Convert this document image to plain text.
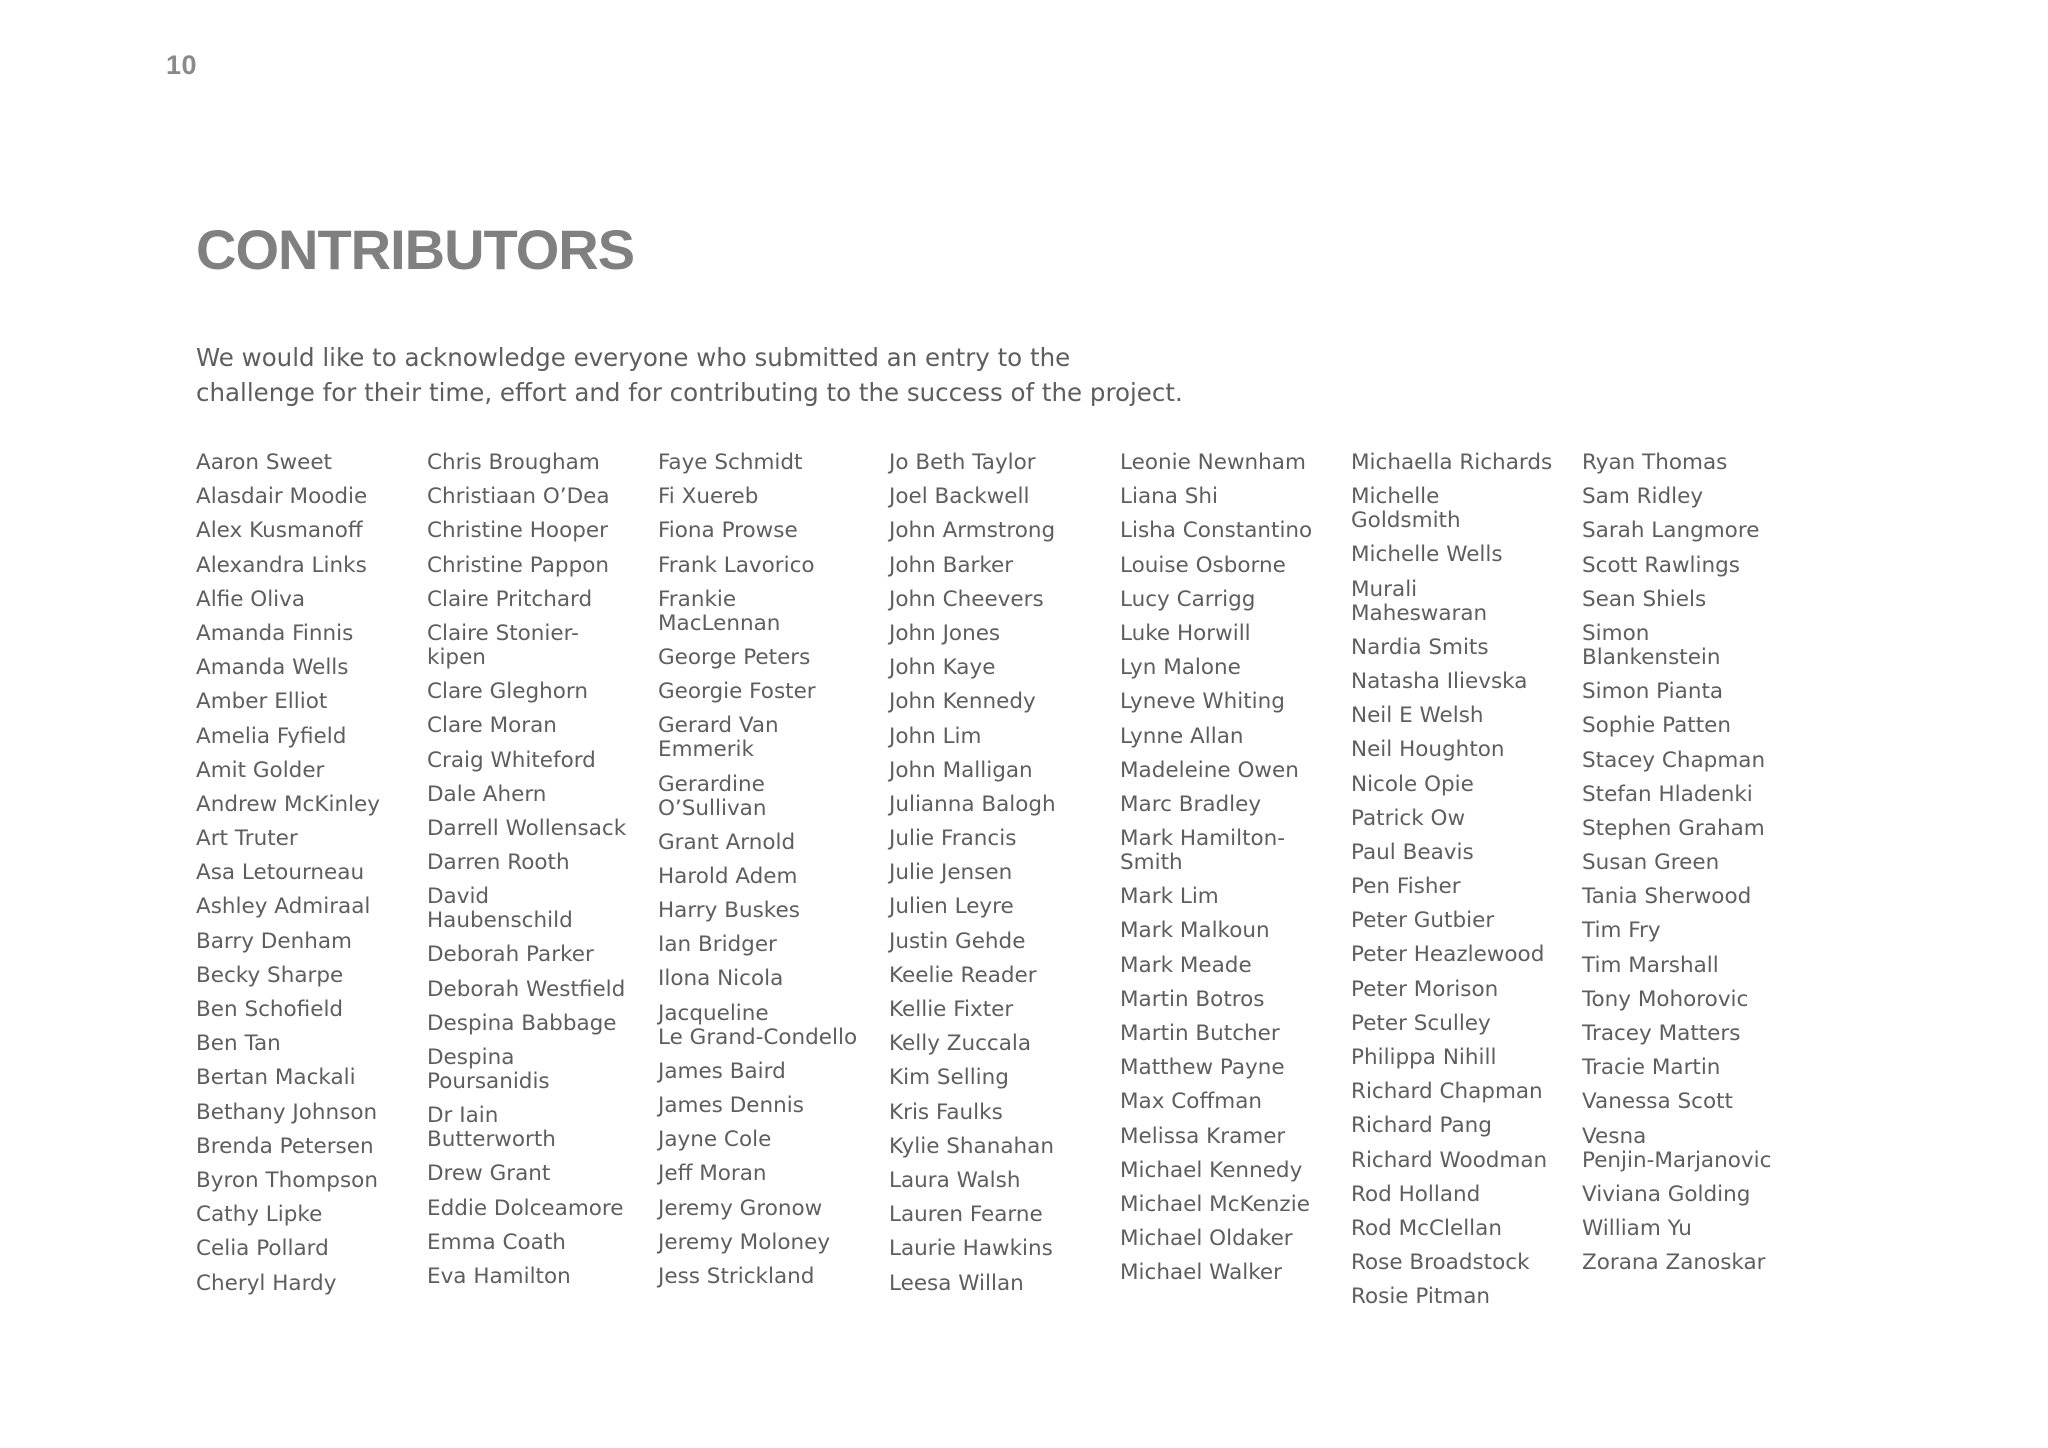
10
CONTRIBUTORS

We would like to acknowledge everyone who submitted an entry to the
challenge for their time, effort and for contributing to the success of the project.

Aaron Sweet
Alasdair Moodie
Alex Kusmanoff
Alexandra Links
Alfie Oliva
Amanda Finnis
Amanda Wells
Amber Elliot
Amelia Fyfield
Amit Golder
Andrew McKinley
Art Truter
Asa Letourneau
Ashley Admiraal
Barry Denham
Becky Sharpe
Ben Schofield
Ben Tan
Bertan Mackali
Bethany Johnson
Brenda Petersen
Byron Thompson
Cathy Lipke
Celia Pollard
Cheryl Hardy
Chris Brougham
Christiaan O’Dea
Christine Hooper
Christine Pappon
Claire Pritchard
Claire Stonier-
kipen
Clare Gleghorn
Clare Moran
Craig Whiteford
Dale Ahern
Darrell Wollensack
Darren Rooth
David
Haubenschild
Deborah Parker
Deborah Westfield
Despina Babbage
Despina
Poursanidis
Dr Iain
Butterworth
Drew Grant
Eddie Dolceamore
Emma Coath
Eva Hamilton
Faye Schmidt
Fi Xuereb
Fiona Prowse
Frank Lavorico
Frankie
MacLennan
George Peters
Georgie Foster
Gerard Van
Emmerik
Gerardine
O’Sullivan
Grant Arnold
Harold Adem
Harry Buskes
Ian Bridger
Ilona Nicola
Jacqueline
Le Grand-Condello
James Baird
James Dennis
Jayne Cole
Jeff Moran
Jeremy Gronow
Jeremy Moloney
Jess Strickland
Jo Beth Taylor
Joel Backwell
John Armstrong
John Barker
John Cheevers
John Jones
John Kaye
John Kennedy
John Lim
John Malligan
Julianna Balogh
Julie Francis
Julie Jensen
Julien Leyre
Justin Gehde
Keelie Reader
Kellie Fixter
Kelly Zuccala
Kim Selling
Kris Faulks
Kylie Shanahan
Laura Walsh
Lauren Fearne
Laurie Hawkins
Leesa Willan
Leonie Newnham
Liana Shi
Lisha Constantino
Louise Osborne
Lucy Carrigg
Luke Horwill
Lyn Malone
Lyneve Whiting
Lynne Allan
Madeleine Owen
Marc Bradley
Mark Hamilton-
Smith
Mark Lim
Mark Malkoun
Mark Meade
Martin Botros
Martin Butcher
Matthew Payne
Max Coffman
Melissa Kramer
Michael Kennedy
Michael McKenzie
Michael Oldaker
Michael Walker
Michaella Richards
Michelle
Goldsmith
Michelle Wells
Murali
Maheswaran
Nardia Smits
Natasha Ilievska
Neil E Welsh
Neil Houghton
Nicole Opie
Patrick Ow
Paul Beavis
Pen Fisher
Peter Gutbier
Peter Heazlewood
Peter Morison
Peter Sculley
Philippa Nihill
Richard Chapman
Richard Pang
Richard Woodman
Rod Holland
Rod McClellan
Rose Broadstock
Rosie Pitman
Ryan Thomas
Sam Ridley
Sarah Langmore
Scott Rawlings
Sean Shiels
Simon
Blankenstein
Simon Pianta
Sophie Patten
Stacey Chapman
Stefan Hladenki
Stephen Graham
Susan Green
Tania Sherwood
Tim Fry
Tim Marshall
Tony Mohorovic
Tracey Matters
Tracie Martin
Vanessa Scott
Vesna
Penjin-Marjanovic
Viviana Golding
William Yu
Zorana Zanoskar
